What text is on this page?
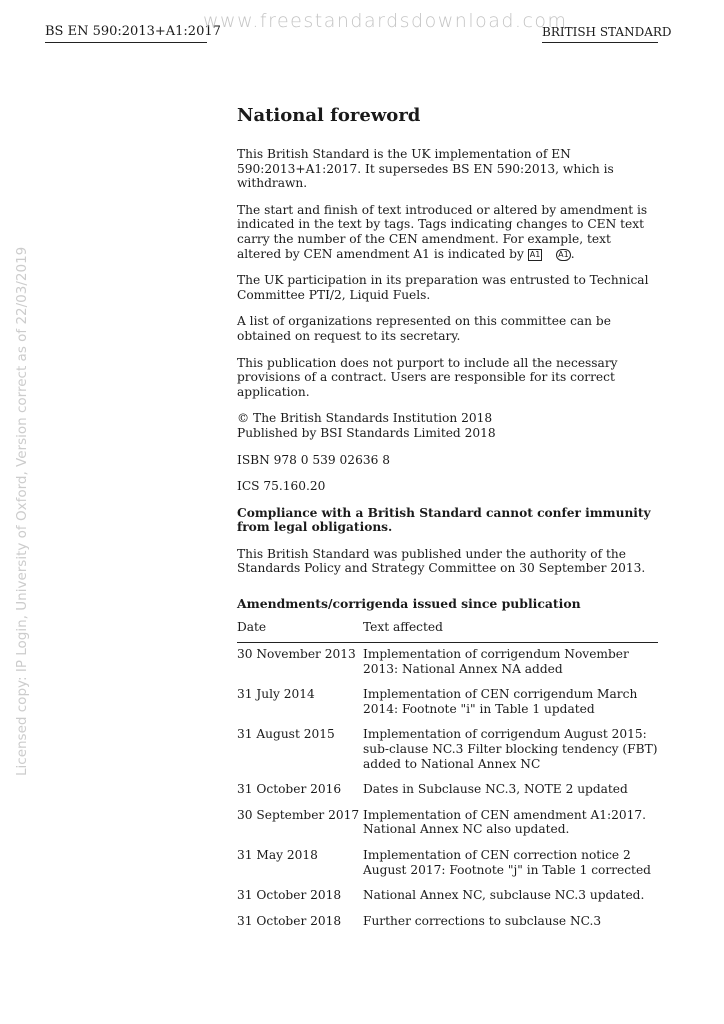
BS EN 590:2013+A1:2017
www.freestandardsdownload.com
BRITISH STANDARD
Licensed copy: IP Login, University of Oxford, Version correct as of 22/03/2019
National foreword

This British Standard is the UK implementation of EN 590:2013+A1:2017. It supersedes BS EN 590:2013, which is withdrawn.

The start and finish of text introduced or altered by amendment is indicated in the text by tags. Tags indicating changes to CEN text carry the number of the CEN amendment. For example, text altered by CEN amendment A1 is indicated by A1 A1 .

The UK participation in its preparation was entrusted to Technical Committee PTI/2, Liquid Fuels.

A list of organizations represented on this committee can be obtained on request to its secretary.

This publication does not purport to include all the necessary provisions of a contract. Users are responsible for its correct application.

© The British Standards Institution 2018
Published by BSI Standards Limited 2018

ISBN 978 0 539 02636 8

ICS 75.160.20

Compliance with a British Standard cannot confer immunity from legal obligations.

This British Standard was published under the authority of the Standards Policy and Strategy Committee on 30 September 2013.

Amendments/corrigenda issued since publication
Date	Text affected
30 November 2013 Implementation of corrigendum November 2013: National Annex NA added
31 July 2014	Implementation of CEN corrigendum March 2014: Footnote "i" in Table 1 updated
31 August 2015	Implementation of corrigendum August 2015: sub-clause NC.3 Filter blocking tendency (FBT) added to National Annex NC
31 October 2016	Dates in Subclause NC.3, NOTE 2 updated
30 September 2017 Implementation of CEN amendment A1:2017. National Annex NC also updated.
31 May 2018	Implementation of CEN correction notice 2 August 2017: Footnote "j" in Table 1 corrected
31 October 2018	National Annex NC, subclause NC.3 updated.
31 October 2018	Further corrections to subclause NC.3
